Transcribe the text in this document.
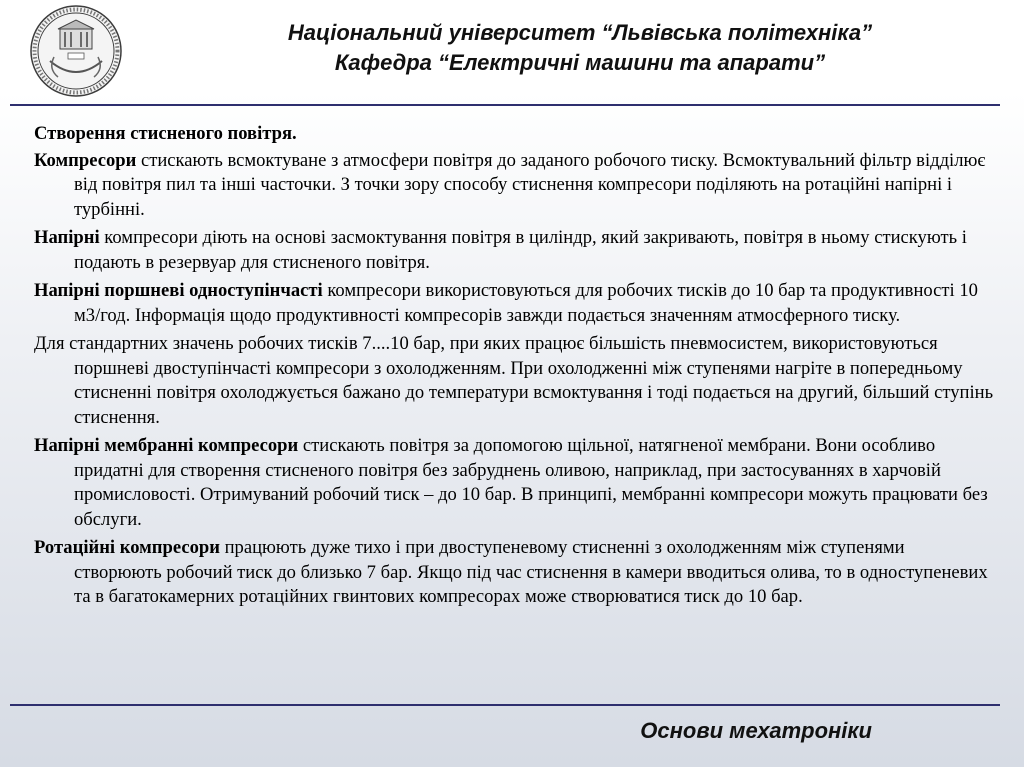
Національний університет “Львівська політехніка”
Кафедра “Електричні машини та апарати”

Створення стисненого повітря.

Компресори стискають всмоктуване з атмосфери повітря до заданого робочого тиску. Всмоктувальний фільтр відділює від повітря пил та інші часточки. З точки зору способу стиснення компресори поділяють на ротаційні напірні і турбінні.

Напірні компресори діють на основі засмоктування повітря в циліндр, який закривають, повітря в ньому стискують і подають в резервуар для стисненого повітря.

Напірні поршневі одноступінчасті компресори використовуються для робочих тисків до 10 бар та продуктивності 10 м3/год. Інформація щодо продуктивності компресорів завжди подається значенням атмосферного тиску.

Для стандартних значень робочих тисків 7....10 бар, при яких працює більшість пневмосистем, використовуються поршневі двоступінчасті компресори з охолодженням. При охолодженні між ступенями нагріте в попередньому стисненні повітря охолоджується бажано до температури всмоктування і тоді подається на другий, більший ступінь стиснення.

Напірні мембранні компресори стискають повітря за допомогою щільної, натягненої мембрани. Вони особливо придатні для створення стисненого повітря без забруднень оливою, наприклад, при застосуваннях в харчовій промисловості. Отримуваний робочий тиск – до 10 бар. В принципі, мембранні компресори можуть працювати без обслуги.

Ротаційні компресори працюють дуже тихо і при двоступеневому стисненні з охолодженням між ступенями створюють робочий тиск до близько 7 бар. Якщо під час стиснення в камери вводиться олива, то в одноступеневих та в багатокамерних ротаційних гвинтових компресорах може створюватися тиск до 10 бар.

Основи мехатроніки
